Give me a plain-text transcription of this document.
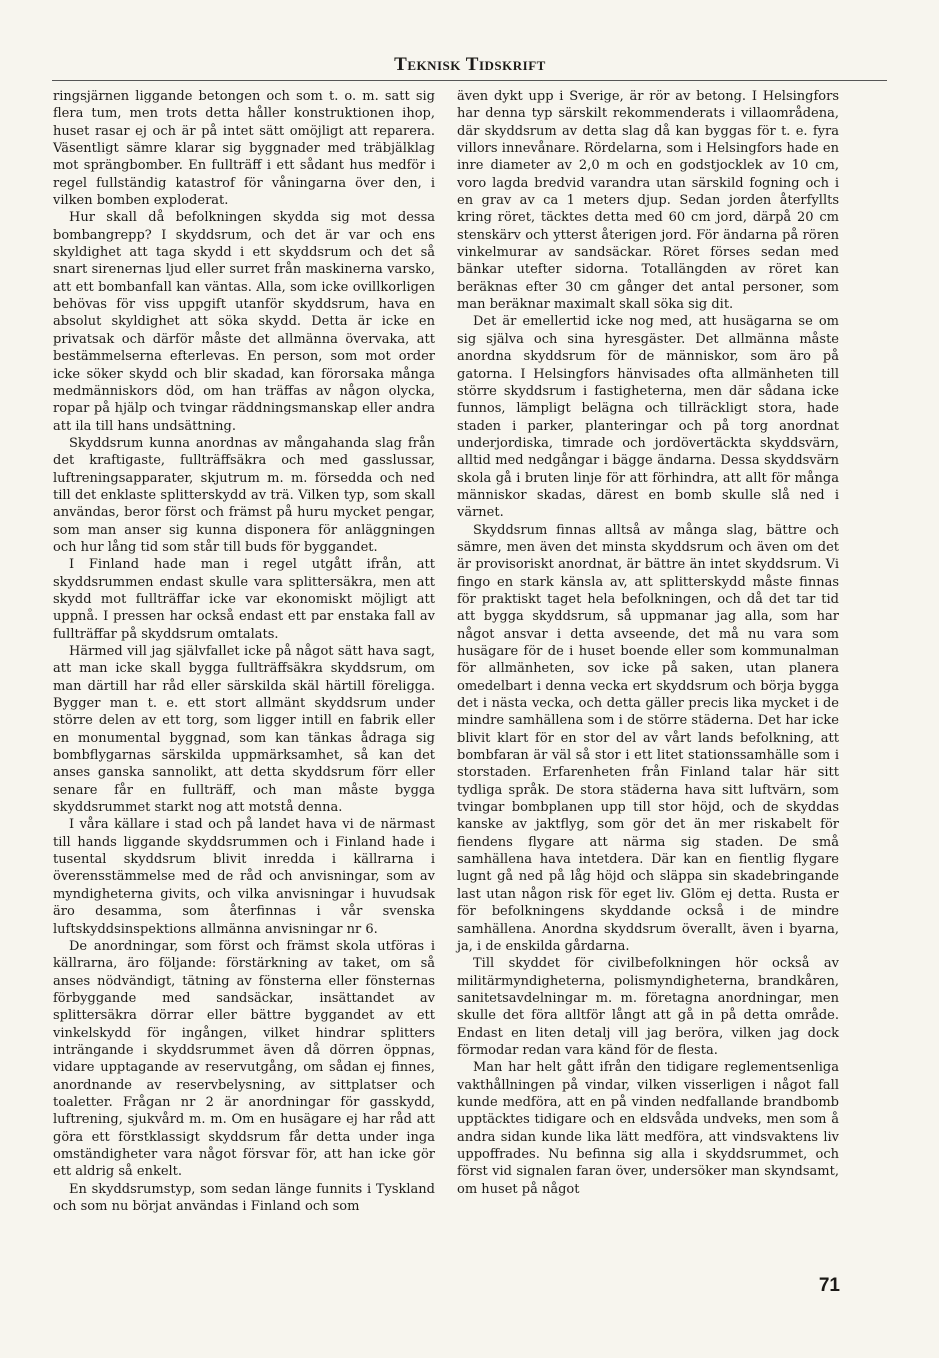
Teknisk Tidskrift

ringsjärnen liggande betongen och som t. o. m. satt sig flera tum, men trots detta håller konstruktionen ihop, huset rasar ej och är på intet sätt omöjligt att reparera. Väsentligt sämre klarar sig byggnader med träbjälklag mot sprängbomber. En fullträff i ett sådant hus medför i regel fullständig katastrof för våningarna över den, i vilken bomben exploderat.

Hur skall då befolkningen skydda sig mot dessa bombangrepp? I skyddsrum, och det är var och ens skyldighet att taga skydd i ett skyddsrum och det så snart sirenernas ljud eller surret från maskinerna varsko, att ett bombanfall kan väntas. Alla, som icke ovillkorligen behövas för viss uppgift utanför skyddsrum, hava en absolut skyldighet att söka skydd. Detta är icke en privatsak och därför måste det allmänna övervaka, att bestämmelserna efterlevas. En person, som mot order icke söker skydd och blir skadad, kan förorsaka många medmänniskors död, om han träffas av någon olycka, ropar på hjälp och tvingar räddningsmanskap eller andra att ila till hans undsättning.

Skyddsrum kunna anordnas av mångahanda slag från det kraftigaste, fullträffsäkra och med gasslussar, luftreningsapparater, skjutrum m. m. försedda och ned till det enklaste splitterskydd av trä. Vilken typ, som skall användas, beror först och främst på huru mycket pengar, som man anser sig kunna disponera för anläggningen och hur lång tid som står till buds för byggandet.

I Finland hade man i regel utgått ifrån, att skyddsrummen endast skulle vara splittersäkra, men att skydd mot fullträffar icke var ekonomiskt möjligt att uppnå. I pressen har också endast ett par enstaka fall av fullträffar på skyddsrum omtalats.

Härmed vill jag självfallet icke på något sätt hava sagt, att man icke skall bygga fullträffsäkra skyddsrum, om man därtill har råd eller särskilda skäl härtill föreligga. Bygger man t. e. ett stort allmänt skyddsrum under större delen av ett torg, som ligger intill en fabrik eller en monumental byggnad, som kan tänkas ådraga sig bombflygarnas särskilda uppmärksamhet, så kan det anses ganska sannolikt, att detta skyddsrum förr eller senare får en fullträff, och man måste bygga skyddsrummet starkt nog att motstå denna.

I våra källare i stad och på landet hava vi de närmast till hands liggande skyddsrummen och i Finland hade i tusental skyddsrum blivit inredda i källrarna i överensstämmelse med de råd och anvisningar, som av myndigheterna givits, och vilka anvisningar i huvudsak äro desamma, som återfinnas i vår svenska luftskyddsinspektions allmänna anvisningar nr 6.

De anordningar, som först och främst skola utföras i källrarna, äro följande: förstärkning av taket, om så anses nödvändigt, tätning av fönsterna eller fönsternas förbyggande med sandsäckar, insättandet av splittersäkra dörrar eller bättre byggandet av ett vinkelskydd för ingången, vilket hindrar splitters inträngande i skyddsrummet även då dörren öppnas, vidare upptagande av reservutgång, om sådan ej finnes, anordnande av reservbelysning, av sittplatser och toaletter. Frågan nr 2 är anordningar för gasskydd, luftrening, sjukvård m. m. Om en husägare ej har råd att göra ett förstklassigt skyddsrum får detta under inga omständigheter vara något försvar för, att han icke gör ett aldrig så enkelt.

En skyddsrumstyp, som sedan länge funnits i Tyskland och som nu börjat användas i Finland och som

även dykt upp i Sverige, är rör av betong. I Helsingfors har denna typ särskilt rekommenderats i villaområdena, där skyddsrum av detta slag då kan byggas för t. e. fyra villors innevånare. Rördelarna, som i Helsingfors hade en inre diameter av 2,0 m och en godstjocklek av 10 cm, voro lagda bredvid varandra utan särskild fogning och i en grav av ca 1 meters djup. Sedan jorden återfyllts kring röret, täcktes detta med 60 cm jord, därpå 20 cm stenskärv och ytterst återigen jord. För ändarna på rören vinkelmurar av sandsäckar. Röret förses sedan med bänkar utefter sidorna. Totallängden av röret kan beräknas efter 30 cm gånger det antal personer, som man beräknar maximalt skall söka sig dit.

Det är emellertid icke nog med, att husägarna se om sig själva och sina hyresgäster. Det allmänna måste anordna skyddsrum för de människor, som äro på gatorna. I Helsingfors hänvisades ofta allmänheten till större skyddsrum i fastigheterna, men där sådana icke funnos, lämpligt belägna och tillräckligt stora, hade staden i parker, planteringar och på torg anordnat underjordiska, timrade och jordövertäckta skyddsvärn, alltid med nedgångar i bägge ändarna. Dessa skyddsvärn skola gå i bruten linje för att förhindra, att allt för många människor skadas, därest en bomb skulle slå ned i värnet.

Skyddsrum finnas alltså av många slag, bättre och sämre, men även det minsta skyddsrum och även om det är provisoriskt anordnat, är bättre än intet skyddsrum. Vi fingo en stark känsla av, att splitterskydd måste finnas för praktiskt taget hela befolkningen, och då det tar tid att bygga skyddsrum, så uppmanar jag alla, som har något ansvar i detta avseende, det må nu vara som husägare för de i huset boende eller som kommunalman för allmänheten, sov icke på saken, utan planera omedelbart i denna vecka ert skyddsrum och börja bygga det i nästa vecka, och detta gäller precis lika mycket i de mindre samhällena som i de större städerna. Det har icke blivit klart för en stor del av vårt lands befolkning, att bombfaran är väl så stor i ett litet stationssamhälle som i storstaden. Erfarenheten från Finland talar här sitt tydliga språk. De stora städerna hava sitt luftvärn, som tvingar bombplanen upp till stor höjd, och de skyddas kanske av jaktflyg, som gör det än mer riskabelt för fiendens flygare att närma sig staden. De små samhällena hava intetdera. Där kan en fientlig flygare lugnt gå ned på låg höjd och släppa sin skadebringande last utan någon risk för eget liv. Glöm ej detta. Rusta er för befolkningens skyddande också i de mindre samhällena. Anordna skyddsrum överallt, även i byarna, ja, i de enskilda gårdarna.

Till skyddet för civilbefolkningen hör också av militärmyndigheterna, polismyndigheterna, brandkåren, sanitetsavdelningar m. m. företagna anordningar, men skulle det föra alltför långt att gå in på detta område. Endast en liten detalj vill jag beröra, vilken jag dock förmodar redan vara känd för de flesta.

Man har helt gått ifrån den tidigare reglementsenliga vakthållningen på vindar, vilken visserligen i något fall kunde medföra, att en på vinden nedfallande brandbomb upptäcktes tidigare och en eldsvåda undveks, men som å andra sidan kunde lika lätt medföra, att vindsvaktens liv uppoffrades. Nu befinna sig alla i skyddsrummet, och först vid signalen faran över, undersöker man skyndsamt, om huset på något

71
